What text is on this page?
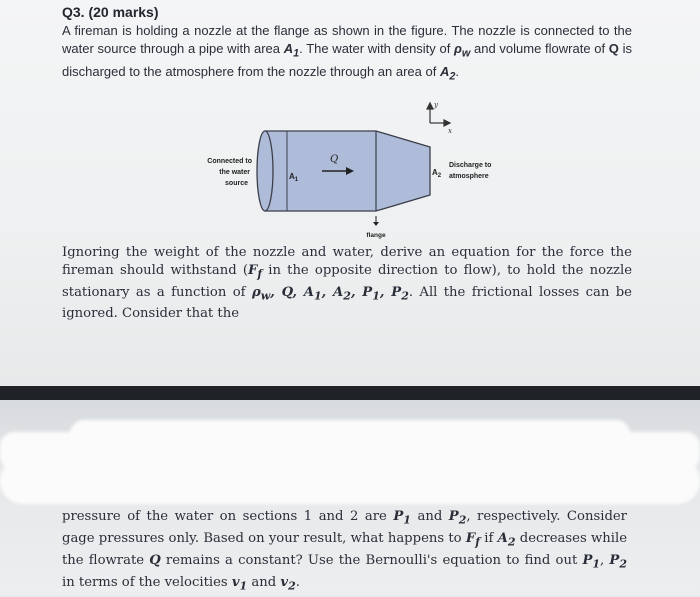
Q3. (20 marks)
A fireman is holding a nozzle at the flange as shown in the figure. The nozzle is connected to the water source through a pipe with area $A_1$. The water with density of $\rho_w$ and volume flowrate of Q is discharged to the atmosphere from the nozzle through an area of $A_2$.
y
x
Q
$A_1$
$A_2$
Connected to
the water
source
Discharge to
atmosphere
flange
Ignoring the weight of the nozzle and water, derive an equation for the force the fireman should withstand ($F_f$ in the opposite direction to flow), to hold the nozzle stationary as a function of $\rho_w$, Q, $A_1$, $A_2$, $P_1$, $P_2$. All the frictional losses can be ignored. Consider that the
pressure of the water on sections 1 and 2 are $P_1$ and $P_2$, respectively. Consider gage pressures only. Based on your result, what happens to $F_f$ if $A_2$ decreases while the flowrate Q remains a constant? Use the Bernoulli's equation to find out $P_1$, $P_2$ in terms of the velocities $v_1$ and $v_2$.
